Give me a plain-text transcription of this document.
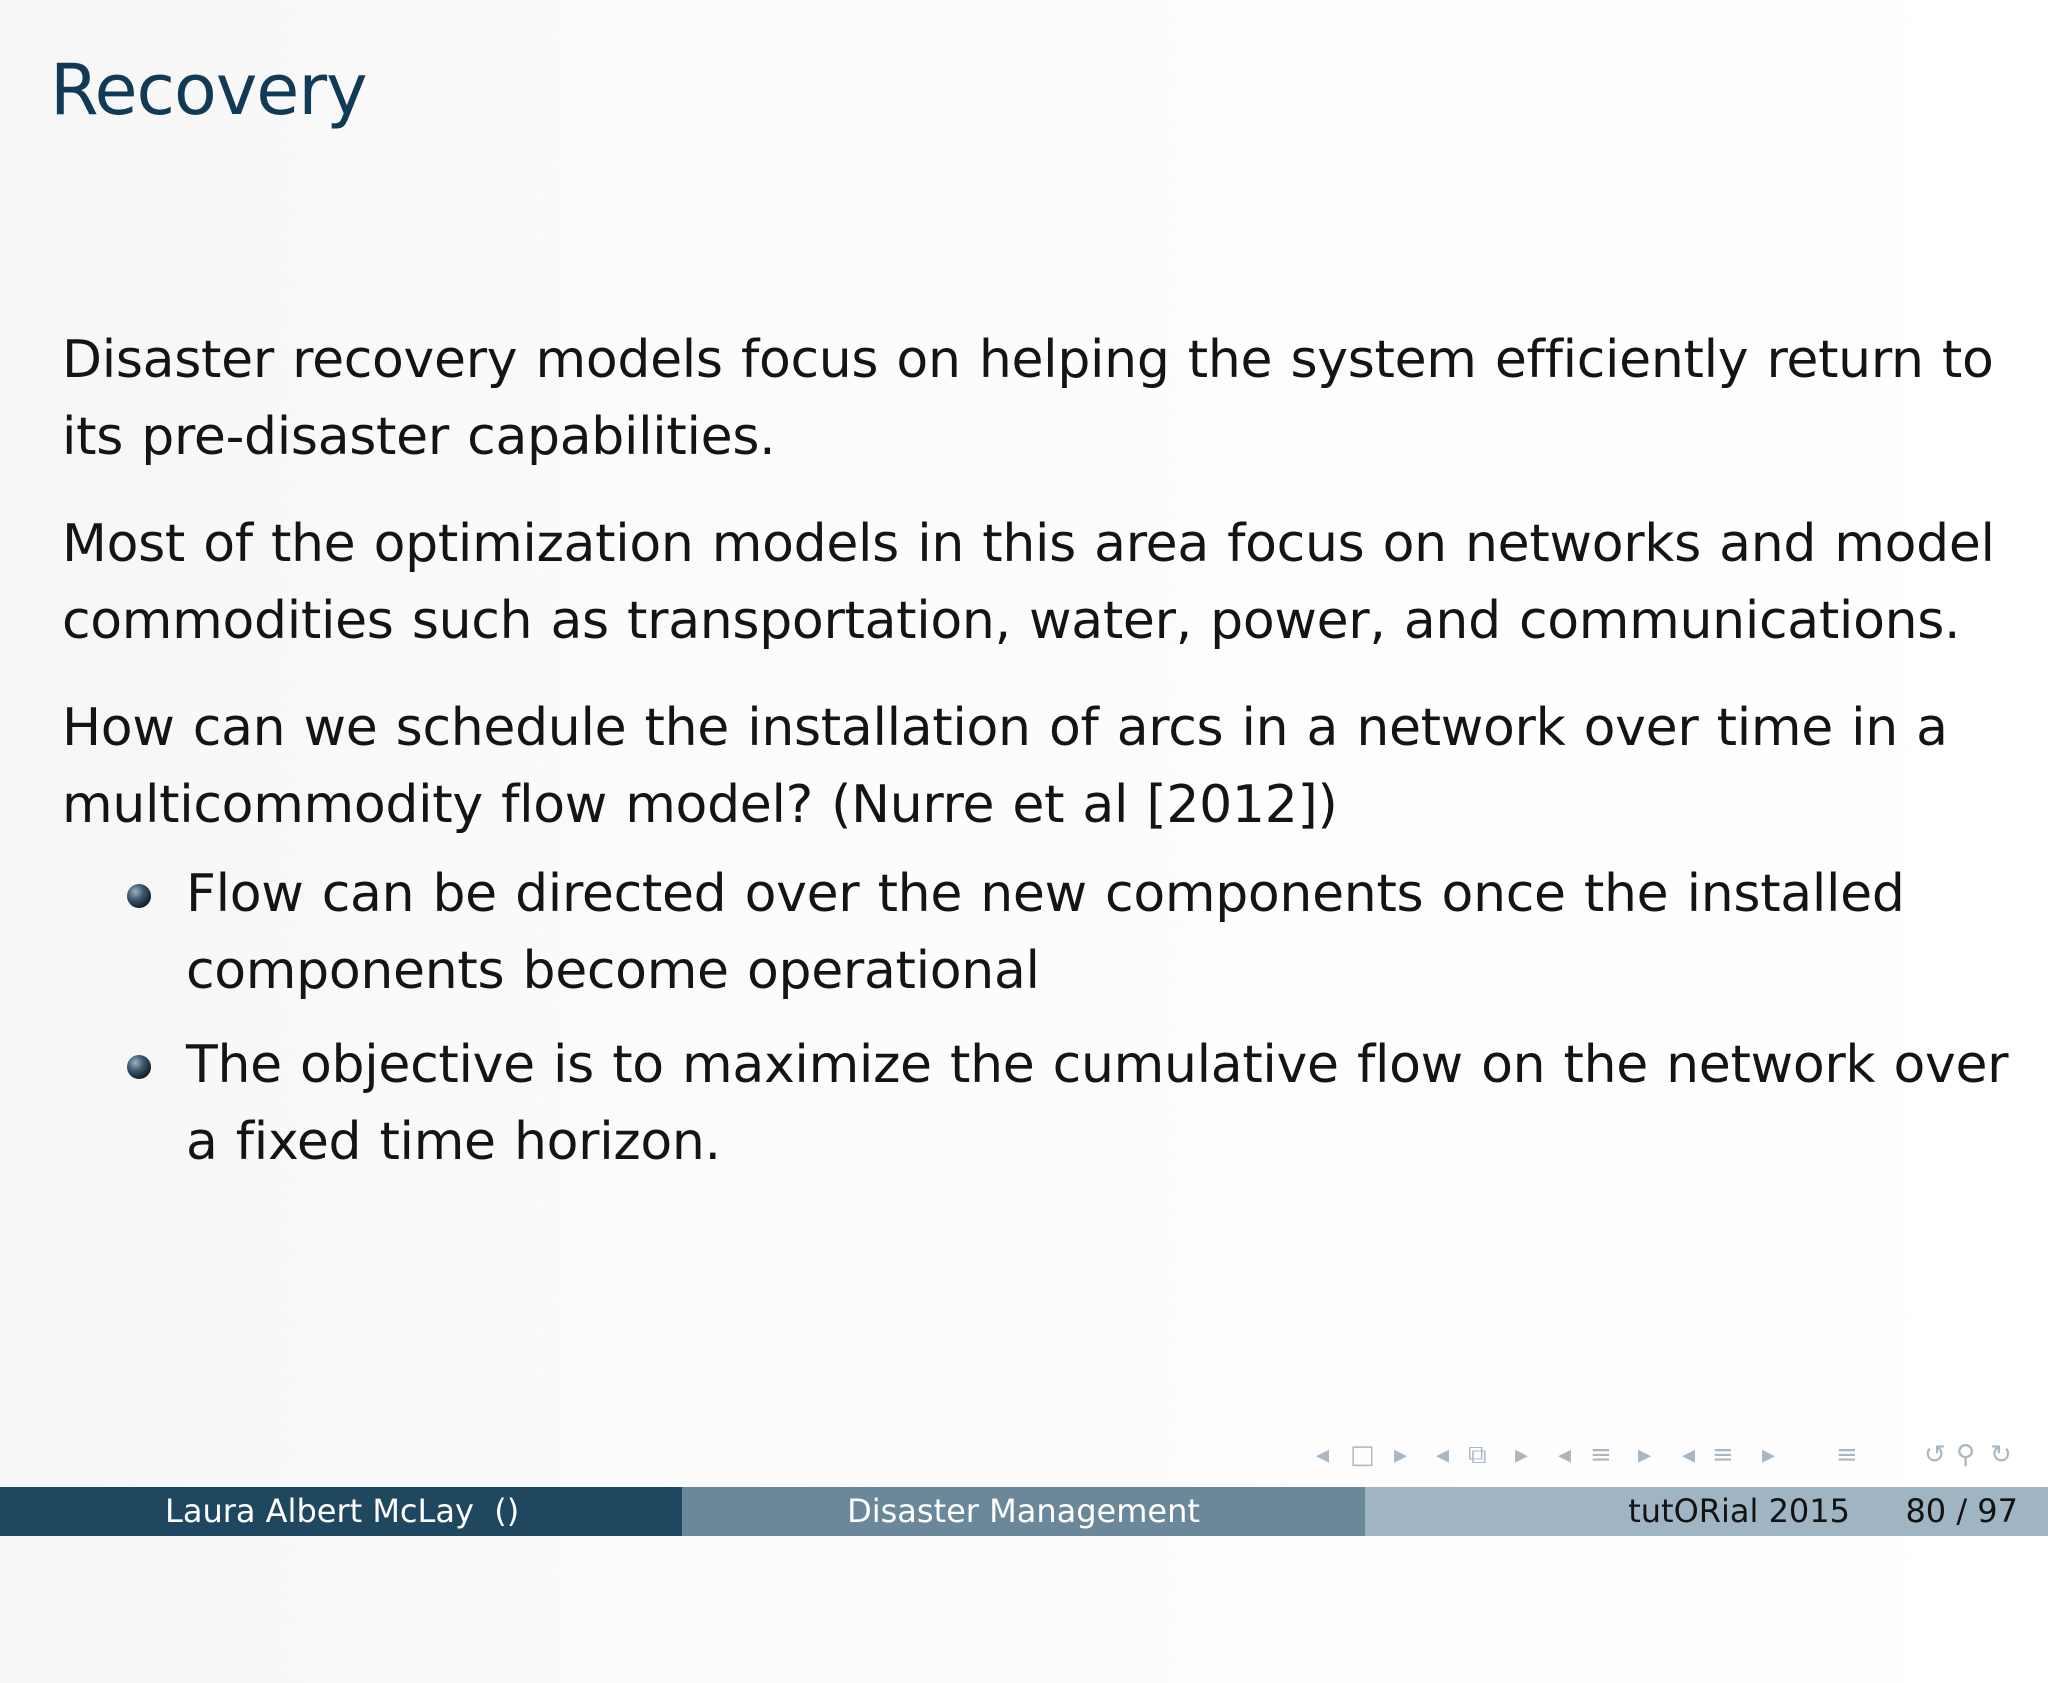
Recovery

Disaster recovery models focus on helping the system efficiently return to its pre-disaster capabilities.

Most of the optimization models in this area focus on networks and model commodities such as transportation, water, power, and communications.

How can we schedule the installation of arcs in a network over time in a multicommodity flow model? (Nurre et al [2012])

Flow can be directed over the new components once the installed components become operational
The objective is to maximize the cumulative flow on the network over a fixed time horizon.
◂ □ ▸ ◂ ⧉ ▸ ◂ ≡ ▸ ◂ ≡ ▸ ≡	↺ ⚲ ↻
Laura Albert McLay  ()	Disaster Management

	tutORial 2015

80 / 97
